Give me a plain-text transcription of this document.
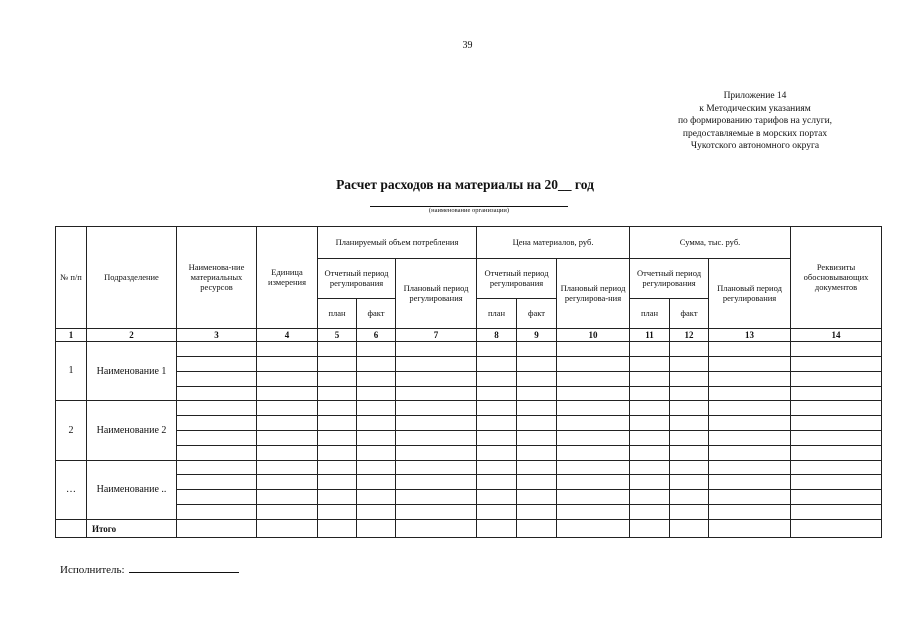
39
Приложение 14
к Методическим указаниям
по формированию тарифов на услуги,
предоставляемые в морских портах
Чукотского автономного округа
Расчет расходов на материалы на 20__ год
(наименование организации)
№ п/п	Подразделение	Наименова-ние материальных ресурсов	Единица измерения	Планируемый объем потребления			Цена материалов, руб.			Сумма, тыс. руб.			Реквизиты обосновывающих документов
				Отчетный период регулирования		Плановый период регулирования	Отчетный период регулирования		Плановый период регулирова-ния	Отчетный период регулирования		Плановый период регулирования	
				план	факт		план	факт		план	факт		
1	2	3	4	5	6	7	8	9	10	11	12	13	14
1	Наименование 1												

2	Наименование 2												

…	Наименование ..												

	Итого												
Исполнитель:
